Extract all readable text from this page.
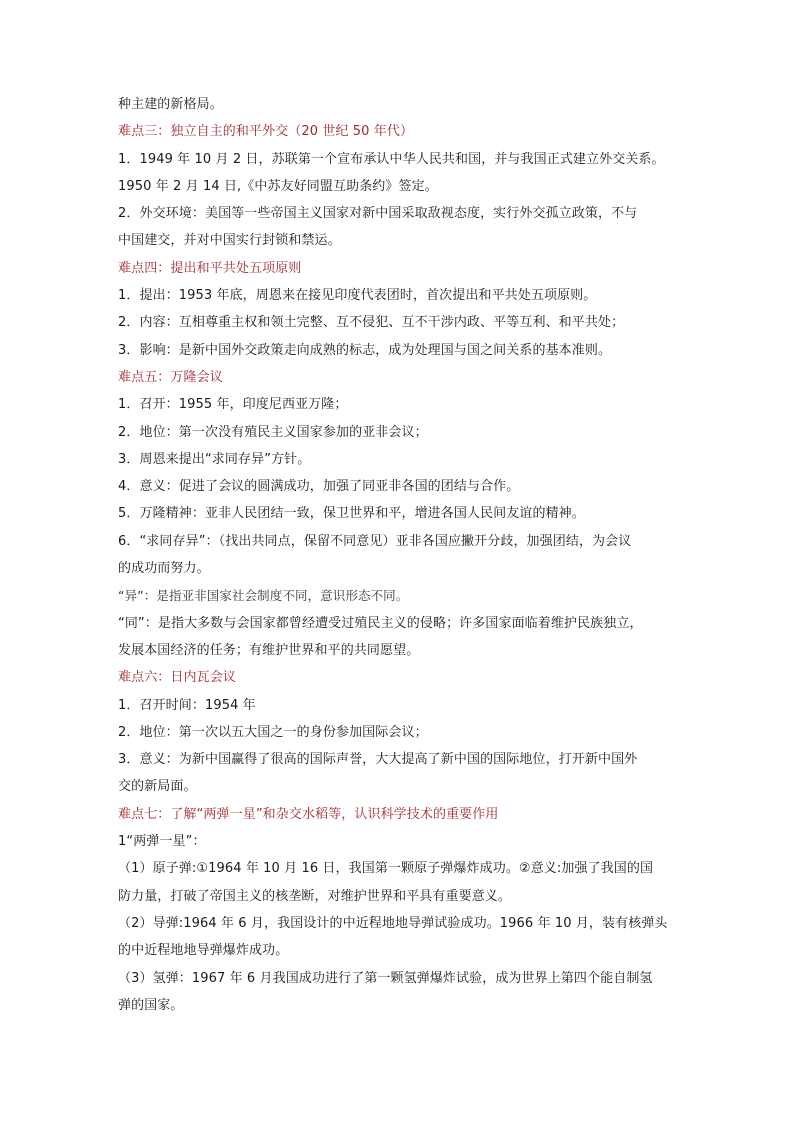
种主建的新格局。
难点三：独立自主的和平外交（20 世纪 50 年代）
1．1949 年 10 月 2 日，苏联第一个宣布承认中华人民共和国，并与我国正式建立外交关系。
1950 年 2 月 14 日,《中苏友好同盟互助条约》签定。
2．外交环境：美国等一些帝国主义国家对新中国采取敌视态度，实行外交孤立政策，不与
中国建交，并对中国实行封锁和禁运。
难点四：提出和平共处五项原则
1．提出：1953 年底，周恩来在接见印度代表团时，首次提出和平共处五项原则。
2．内容：互相尊重主权和领土完整、互不侵犯、互不干涉内政、平等互利、和平共处；
3．影响：是新中国外交政策走向成熟的标志，成为处理国与国之间关系的基本准则。
难点五：万隆会议
1．召开：1955 年，印度尼西亚万隆；
2．地位：第一次没有殖民主义国家参加的亚非会议；
3．周恩来提出“求同存异”方针。
4．意义：促进了会议的圆满成功，加强了同亚非各国的团结与合作。
5．万隆精神：亚非人民团结一致，保卫世界和平，增进各国人民间友谊的精神。
6．“求同存异”：（找出共同点，保留不同意见）亚非各国应撇开分歧，加强团结，为会议
的成功而努力。
“异”：是指亚非国家社会制度不同，意识形态不同。
“同”：是指大多数与会国家都曾经遭受过殖民主义的侵略；许多国家面临着维护民族独立，
发展本国经济的任务；有维护世界和平的共同愿望。
难点六：日内瓦会议
1．召开时间：1954 年
2．地位：第一次以五大国之一的身份参加国际会议；
3．意义：为新中国赢得了很高的国际声誉，大大提高了新中国的国际地位，打开新中国外
交的新局面。
难点七：了解“两弹一星”和杂交水稻等，认识科学技术的重要作用
1“两弹一星”：
（1）原子弹:①1964 年 10 月 16 日，我国第一颗原子弹爆炸成功。②意义:加强了我国的国
防力量，打破了帝国主义的核垄断，对维护世界和平具有重要意义。
（2）导弹:1964 年 6 月，我国设计的中近程地地导弹试验成功。1966 年 10 月，装有核弹头
的中近程地地导弹爆炸成功。
（3）氢弹：1967 年 6 月我国成功进行了第一颗氢弹爆炸试验，成为世界上第四个能自制氢
弹的国家。
